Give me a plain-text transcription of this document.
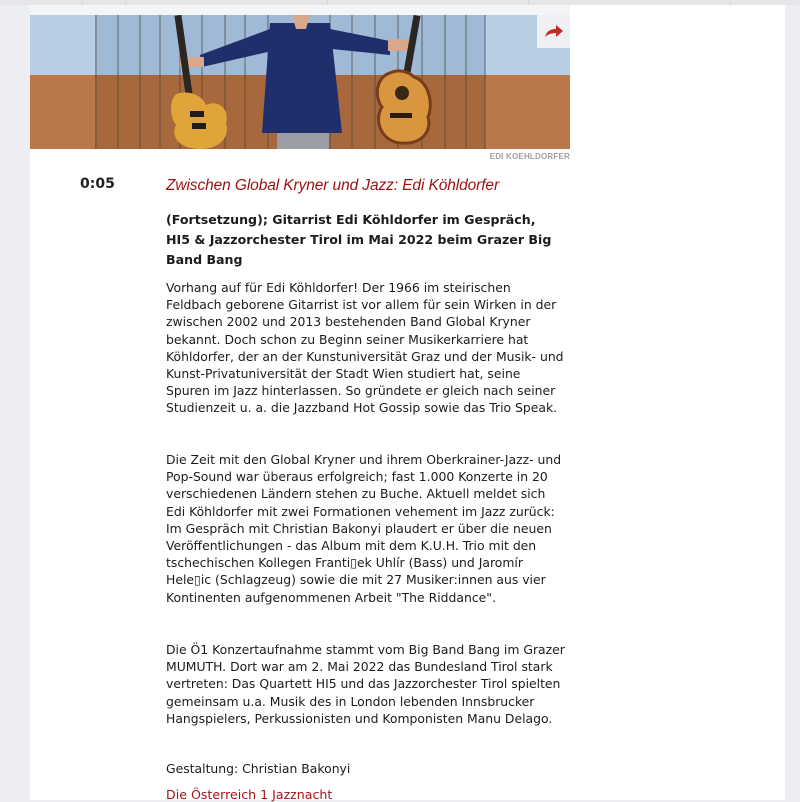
EDI KOEHLDORFER
0:05	Zwischen Global Kryner und Jazz: Edi Köhldorfer
(Fortsetzung); Gitarrist Edi Köhldorfer im Gespräch, HI5 & Jazzorchester Tirol im Mai 2022 beim Grazer Big Band Bang
Vorhang auf für Edi Köhldorfer! Der 1966 im steirischen Feldbach geborene Gitarrist ist vor allem für sein Wirken in der zwischen 2002 und 2013 bestehenden Band Global Kryner bekannt. Doch schon zu Beginn seiner Musikerkarriere hat Köhldorfer, der an der Kunstuniversität Graz und der Musik- und Kunst-Privatuniversität der Stadt Wien studiert hat, seine Spuren im Jazz hinterlassen. So gründete er gleich nach seiner Studienzeit u. a. die Jazzband Hot Gossip sowie das Trio Speak.
Die Zeit mit den Global Kryner und ihrem Oberkrainer-Jazz- und Pop-Sound war überaus erfolgreich; fast 1.000 Konzerte in 20 verschiedenen Ländern stehen zu Buche. Aktuell meldet sich Edi Köhldorfer mit zwei Formationen vehement im Jazz zurück: Im Gespräch mit Christian Bakonyi plaudert er über die neuen Veröffentlichungen - das Album mit dem K.U.H. Trio mit den tschechischen Kollegen Franti▯ek Uhlír (Bass) und Jaromír Hele▯ic (Schlagzeug) sowie die mit 27 Musiker:innen aus vier Kontinenten aufgenommenen Arbeit "The Riddance".
Die Ö1 Konzertaufnahme stammt vom Big Band Bang im Grazer MUMUTH. Dort war am 2. Mai 2022 das Bundesland Tirol stark vertreten: Das Quartett HI5 und das Jazzorchester Tirol spielten gemeinsam u.a. Musik des in London lebenden Innsbrucker Hangspielers, Perkussionisten und Komponisten Manu Delago.
Gestaltung: Christian Bakonyi
Die Österreich 1 Jazznacht
